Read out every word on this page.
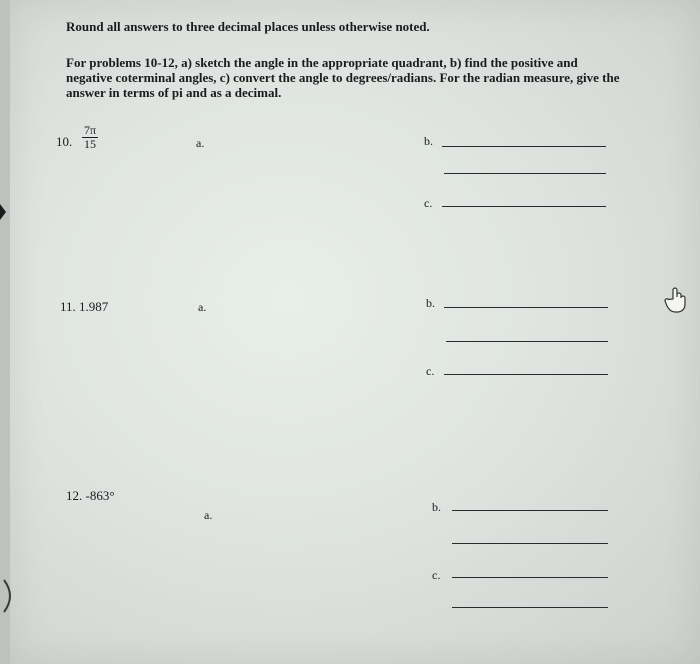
Round all answers to three decimal places unless otherwise noted.
For problems 10-12, a) sketch the angle in the appropriate quadrant, b) find the positive and negative coterminal angles, c) convert the angle to degrees/radians. For the radian measure, give the answer in terms of pi and as a decimal.
10. $\frac{7\pi}{15}$	a.	b.
c.
11. 1.987	a.	b.
c.
12. -863°
a.
b.
c.
